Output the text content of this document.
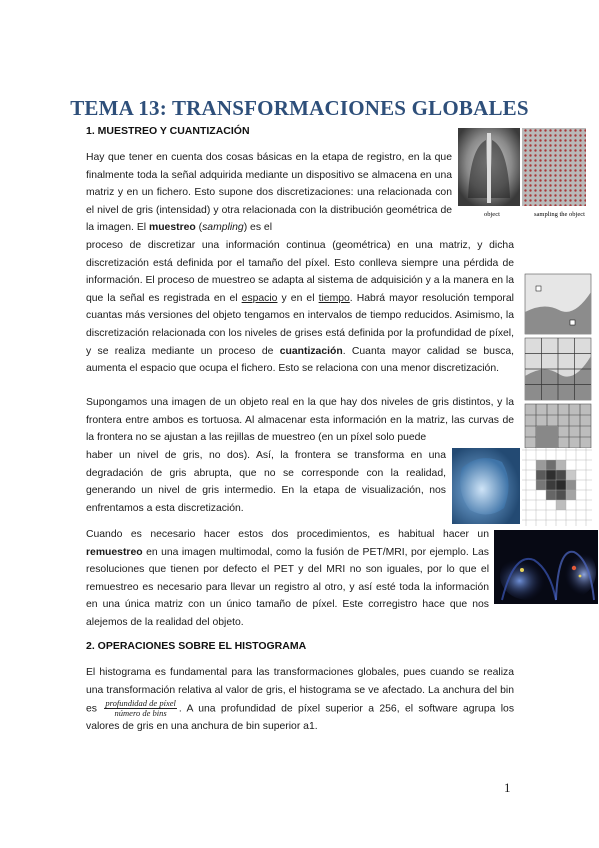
TEMA 13: TRANSFORMACIONES GLOBALES
1. MUESTREO Y CUANTIZACIÓN
object	sampling the object
Hay que tener en cuenta dos cosas básicas en la etapa de registro, en la que finalmente toda la señal adquirida mediante un dispositivo se almacena en una matriz y en un fichero. Esto supone dos discretizaciones: una relacionada con el nivel de gris (intensidad) y otra relacionada con la distribución geométrica de la imagen. El muestreo (sampling) es el
proceso de discretizar una información continua (geométrica) en una matriz, y dicha discretización está definida por el tamaño del píxel. Esto conlleva siempre una pérdida de información. El proceso de muestreo se adapta al sistema de adquisición y a la manera en la que la señal es registrada en el espacio y en el tiempo. Habrá mayor resolución temporal cuantas más versiones del objeto tengamos en intervalos de tiempo reducidos. Asimismo, la discretización relacionada con los niveles de grises está definida por la profundidad de píxel, y se realiza mediante un proceso de cuantización. Cuanta mayor calidad se busca, aumenta el espacio que ocupa el fichero. Esto se relaciona con una menor discretización.
Supongamos una imagen de un objeto real en la que hay dos niveles de gris distintos, y la frontera entre ambos es tortuosa. Al almacenar esta información en la matriz, las curvas de la frontera no se ajustan a las rejillas de muestreo (en un píxel solo puede
haber un nivel de gris, no dos). Así, la frontera se transforma en una degradación de gris abrupta, que no se corresponde con la realidad, generando un nivel de gris intermedio. En la etapa de visualización, nos enfrentamos a esta discretización.
Cuando es necesario hacer estos dos procedimientos, es habitual hacer un remuestreo en una imagen multimodal, como la fusión de PET/MRI, por ejemplo. Las resoluciones que tienen por defecto el PET y del MRI no son iguales, por lo que el remuestreo es necesario para llevar un registro al otro, y así esté toda la información en una única matriz con un único tamaño de píxel. Este corregistro hace que nos alejemos de la realidad del objeto.
2. OPERACIONES SOBRE EL HISTOGRAMA
El histograma es fundamental para las transformaciones globales, pues cuando se realiza una transformación relativa al valor de gris, el histograma se ve afectado. La anchura del bin es $\frac{\text{profundidad de píxel}}{\text{número de bins}}$ . A una profundidad de píxel superior a 256, el software agrupa los valores de gris en una anchura de bin superior a1.
1
